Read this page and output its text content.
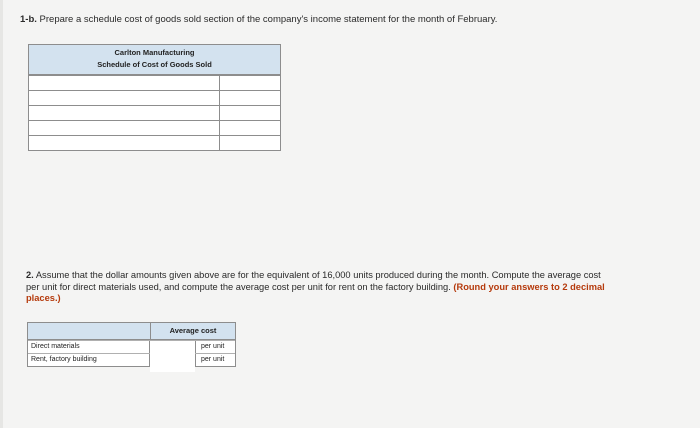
1-b. Prepare a schedule cost of goods sold section of the company's income statement for the month of February.
Carlton Manufacturing
Schedule of Cost of Goods Sold
2. Assume that the dollar amounts given above are for the equivalent of 16,000 units produced during the month. Compute the average cost per unit for direct materials used, and compute the average cost per unit for rent on the factory building. (Round your answers to 2 decimal places.)
Average cost
Direct materials	per unit
Rent, factory building	per unit
